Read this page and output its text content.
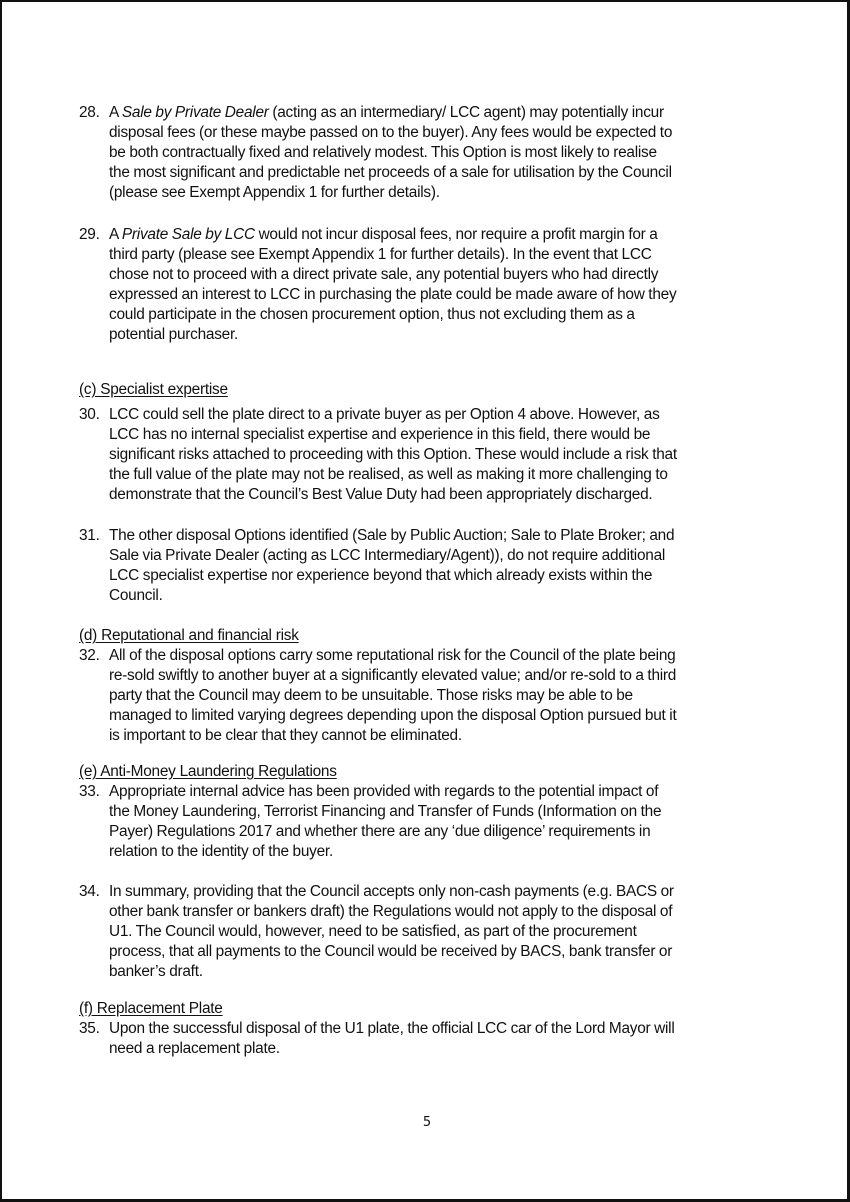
28. A Sale by Private Dealer (acting as an intermediary/ LCC agent) may potentially incur
disposal fees (or these maybe passed on to the buyer). Any fees would be expected to
be both contractually fixed and relatively modest. This Option is most likely to realise
the most significant and predictable net proceeds of a sale for utilisation by the Council
(please see Exempt Appendix 1 for further details).
29. A Private Sale by LCC would not incur disposal fees, nor require a profit margin for a
third party (please see Exempt Appendix 1 for further details). In the event that LCC
chose not to proceed with a direct private sale, any potential buyers who had directly
expressed an interest to LCC in purchasing the plate could be made aware of how they
could participate in the chosen procurement option, thus not excluding them as a
potential purchaser.
(c) Specialist expertise
30. LCC could sell the plate direct to a private buyer as per Option 4 above. However, as
LCC has no internal specialist expertise and experience in this field, there would be
significant risks attached to proceeding with this Option. These would include a risk that
the full value of the plate may not be realised, as well as making it more challenging to
demonstrate that the Council’s Best Value Duty had been appropriately discharged.
31. The other disposal Options identified (Sale by Public Auction; Sale to Plate Broker; and
Sale via Private Dealer (acting as LCC Intermediary/Agent)), do not require additional
LCC specialist expertise nor experience beyond that which already exists within the
Council.
(d) Reputational and financial risk
32. All of the disposal options carry some reputational risk for the Council of the plate being
re-sold swiftly to another buyer at a significantly elevated value; and/or re-sold to a third
party that the Council may deem to be unsuitable. Those risks may be able to be
managed to limited varying degrees depending upon the disposal Option pursued but it
is important to be clear that they cannot be eliminated.
(e) Anti-Money Laundering Regulations
33. Appropriate internal advice has been provided with regards to the potential impact of
the Money Laundering, Terrorist Financing and Transfer of Funds (Information on the
Payer) Regulations 2017 and whether there are any ‘due diligence’ requirements in
relation to the identity of the buyer.
34. In summary, providing that the Council accepts only non-cash payments (e.g. BACS or
other bank transfer or bankers draft) the Regulations would not apply to the disposal of
U1. The Council would, however, need to be satisfied, as part of the procurement
process, that all payments to the Council would be received by BACS, bank transfer or
banker’s draft.
(f) Replacement Plate
35. Upon the successful disposal of the U1 plate, the official LCC car of the Lord Mayor will
need a replacement plate.
5
